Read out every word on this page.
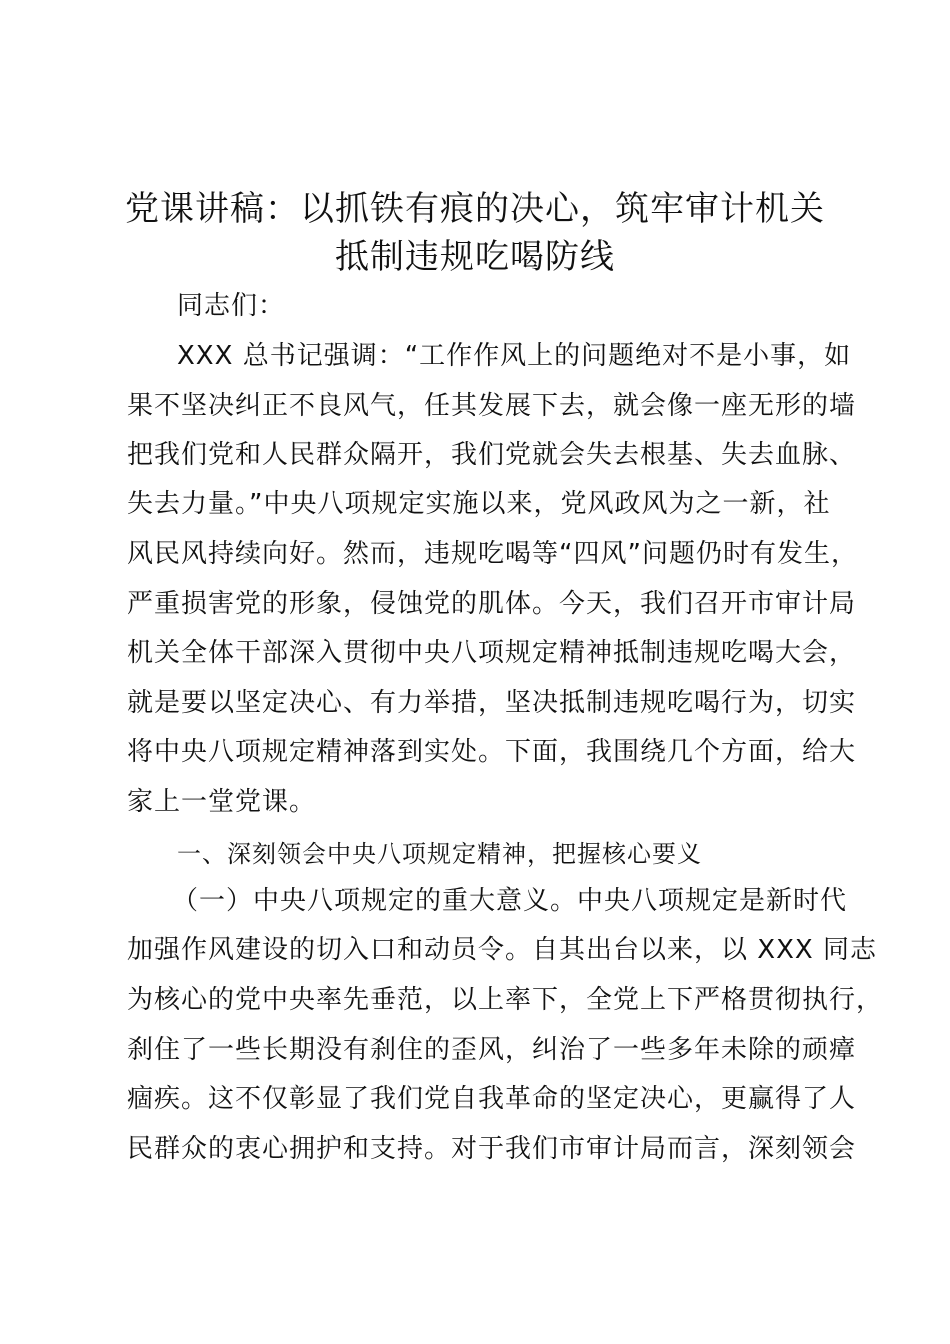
党课讲稿：以抓铁有痕的决心，筑牢审计机关
抵制违规吃喝防线

同志们：

XXX 总书记强调：“工作作风上的问题绝对不是小事，如

果不坚决纠正不良风气，任其发展下去，就会像一座无形的墙

把我们党和人民群众隔开，我们党就会失去根基、失去血脉、

失去力量。”中央八项规定实施以来，党风政风为之一新，社

风民风持续向好。然而，违规吃喝等“四风”问题仍时有发生，

严重损害党的形象，侵蚀党的肌体。今天，我们召开市审计局

机关全体干部深入贯彻中央八项规定精神抵制违规吃喝大会，

就是要以坚定决心、有力举措，坚决抵制违规吃喝行为，切实

将中央八项规定精神落到实处。下面，我围绕几个方面，给大

家上一堂党课。

一、深刻领会中央八项规定精神，把握核心要义

（一）中央八项规定的重大意义。中央八项规定是新时代

加强作风建设的切入口和动员令。自其出台以来，以 XXX 同志

为核心的党中央率先垂范，以上率下，全党上下严格贯彻执行，

刹住了一些长期没有刹住的歪风，纠治了一些多年未除的顽瘴

痼疾。这不仅彰显了我们党自我革命的坚定决心，更赢得了人

民群众的衷心拥护和支持。对于我们市审计局而言，深刻领会
